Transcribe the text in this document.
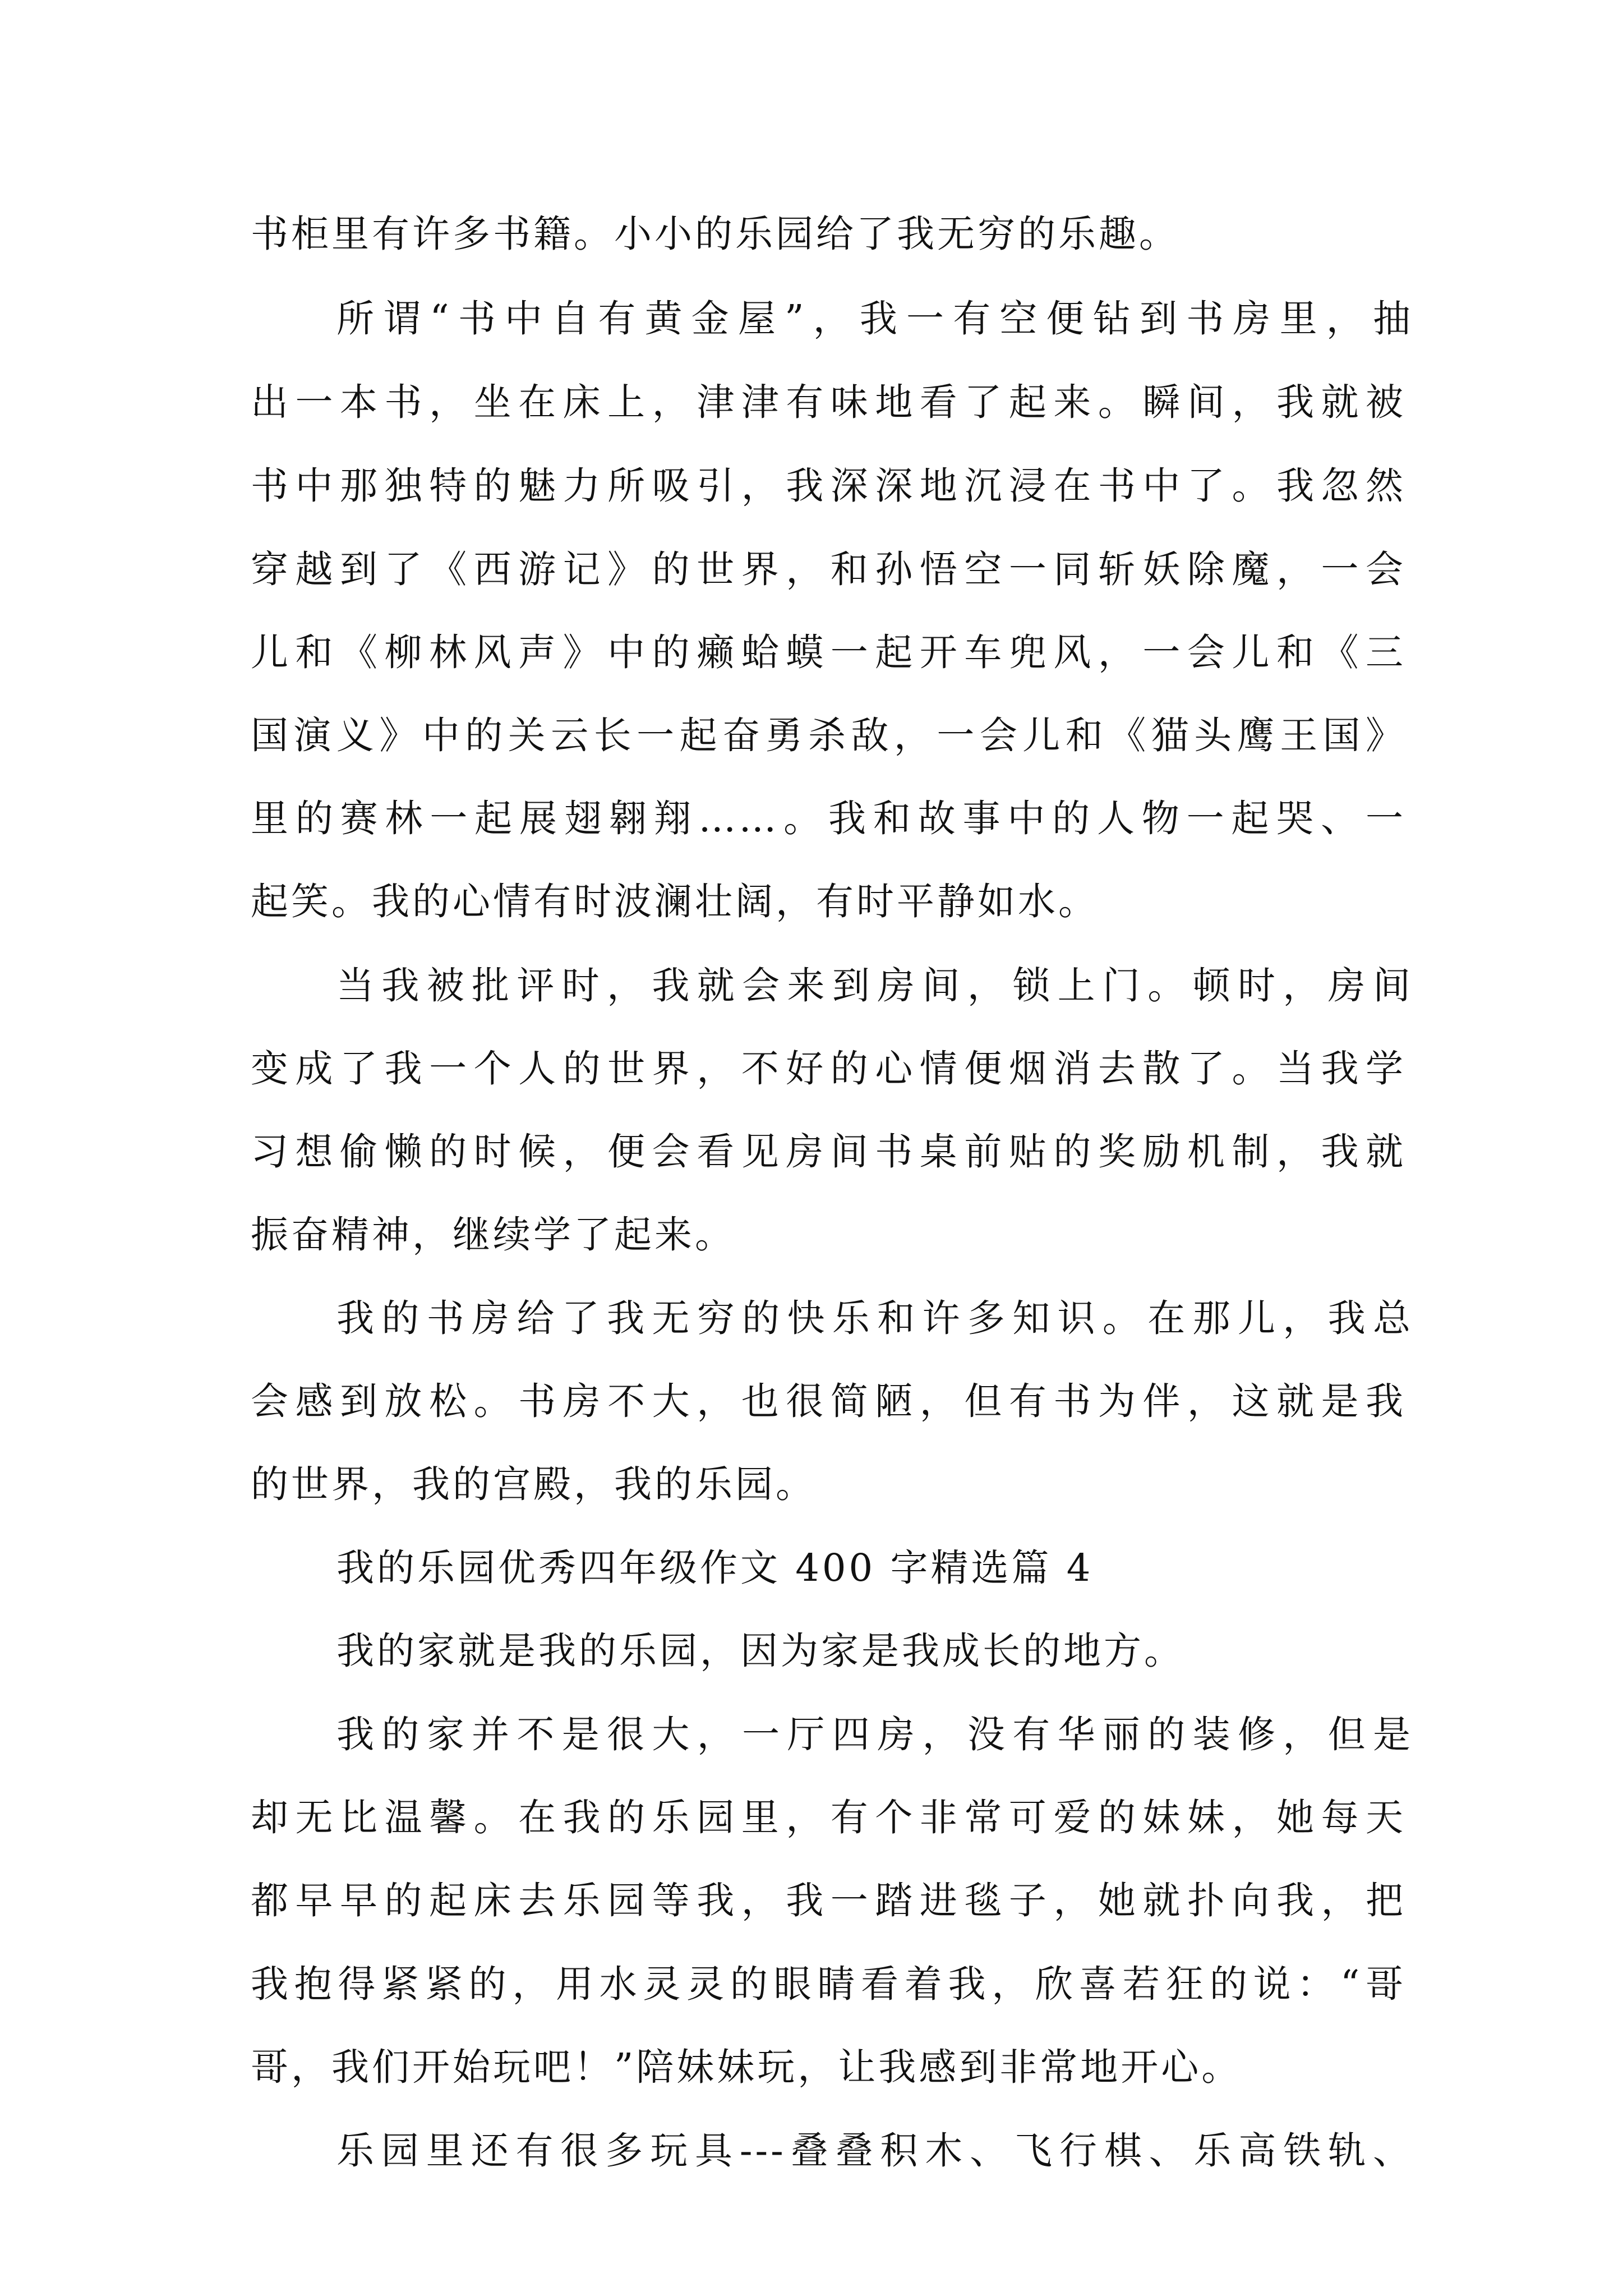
书柜里有许多书籍。小小的乐园给了我无穷的乐趣。
所谓“书中自有黄金屋”，我一有空便钻到书房里，抽
出一本书，坐在床上，津津有味地看了起来。瞬间，我就被
书中那独特的魅力所吸引，我深深地沉浸在书中了。我忽然
穿越到了《西游记》的世界，和孙悟空一同斩妖除魔，一会
儿和《柳林风声》中的癞蛤蟆一起开车兜风，一会儿和《三
国演义》中的关云长一起奋勇杀敌，一会儿和《猫头鹰王国》
里的赛林一起展翅翱翔……。我和故事中的人物一起哭、一
起笑。我的心情有时波澜壮阔，有时平静如水。
当我被批评时，我就会来到房间，锁上门。顿时，房间
变成了我一个人的世界，不好的心情便烟消去散了。当我学
习想偷懒的时候，便会看见房间书桌前贴的奖励机制，我就
振奋精神，继续学了起来。
我的书房给了我无穷的快乐和许多知识。在那儿，我总
会感到放松。书房不大，也很简陋，但有书为伴，这就是我
的世界，我的宫殿，我的乐园。
我的乐园优秀四年级作文 400 字精选篇 4
我的家就是我的乐园，因为家是我成长的地方。
我的家并不是很大，一厅四房，没有华丽的装修，但是
却无比温馨。在我的乐园里，有个非常可爱的妹妹，她每天
都早早的起床去乐园等我，我一踏进毯子，她就扑向我，把
我抱得紧紧的，用水灵灵的眼睛看着我，欣喜若狂的说：“哥
哥，我们开始玩吧！”陪妹妹玩，让我感到非常地开心。
乐园里还有很多玩具---叠叠积木、飞行棋、乐高铁轨、
